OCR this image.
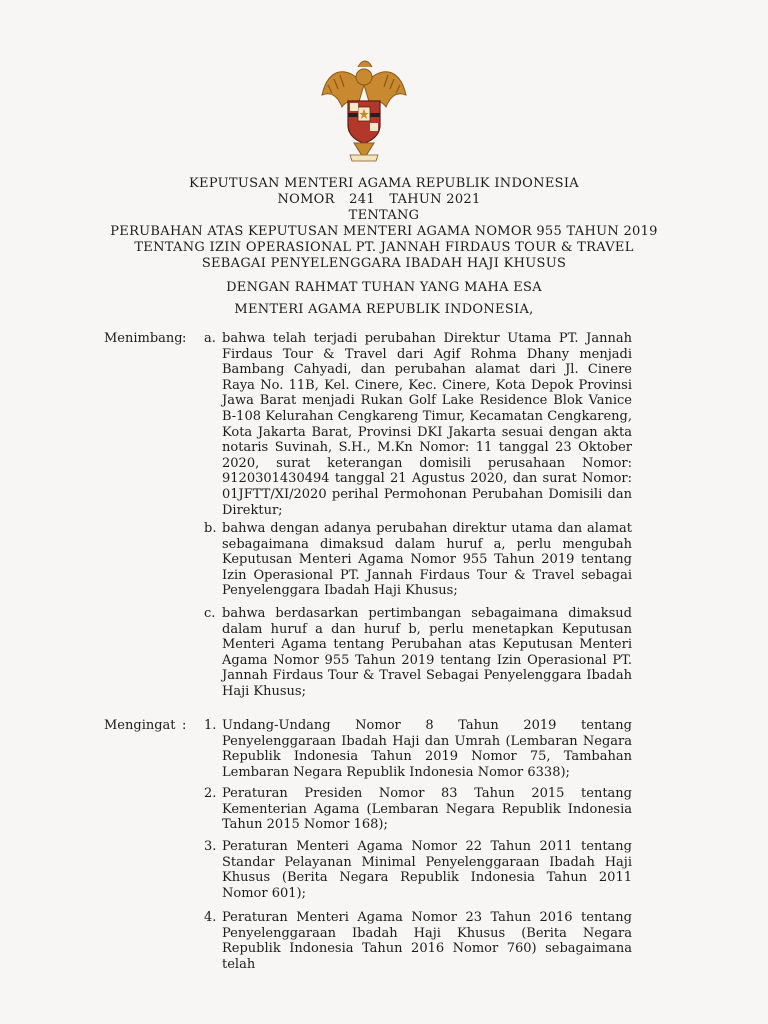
KEPUTUSAN MENTERI AGAMA REPUBLIK INDONESIA
NOMOR 241 TAHUN 2021
TENTANG
PERUBAHAN ATAS KEPUTUSAN MENTERI AGAMA NOMOR 955 TAHUN 2019
TENTANG IZIN OPERASIONAL PT. JANNAH FIRDAUS TOUR & TRAVEL
SEBAGAI PENYELENGGARA IBADAH HAJI KHUSUS
DENGAN RAHMAT TUHAN YANG MAHA ESA
MENTERI AGAMA REPUBLIK INDONESIA,
Menimbang : a. bahwa telah terjadi perubahan Direktur Utama PT. Jannah Firdaus Tour & Travel dari Agif Rohma Dhany menjadi Bambang Cahyadi, dan perubahan alamat dari Jl. Cinere Raya No. 11B, Kel. Cinere, Kec. Cinere, Kota Depok Provinsi Jawa Barat menjadi Rukan Golf Lake Residence Blok Vanice B-108 Kelurahan Cengkareng Timur, Kecamatan Cengkareng, Kota Jakarta Barat, Provinsi DKI Jakarta sesuai dengan akta notaris Suvinah, S.H., M.Kn Nomor: 11 tanggal 23 Oktober 2020, surat keterangan domisili perusahaan Nomor: 9120301430494 tanggal 21 Agustus 2020, dan surat Nomor: 01JFTT/XI/2020 perihal Permohonan Perubahan Domisili dan Direktur;
b. bahwa dengan adanya perubahan direktur utama dan alamat sebagaimana dimaksud dalam huruf a, perlu mengubah Keputusan Menteri Agama Nomor 955 Tahun 2019 tentang Izin Operasional PT. Jannah Firdaus Tour & Travel sebagai Penyelenggara Ibadah Haji Khusus;
c. bahwa berdasarkan pertimbangan sebagaimana dimaksud dalam huruf a dan huruf b, perlu menetapkan Keputusan Menteri Agama tentang Perubahan atas Keputusan Menteri Agama Nomor 955 Tahun 2019 tentang Izin Operasional PT. Jannah Firdaus Tour & Travel Sebagai Penyelenggara Ibadah Haji Khusus;
Mengingat : 1. Undang-Undang Nomor 8 Tahun 2019 tentang Penyelenggaraan Ibadah Haji dan Umrah (Lembaran Negara Republik Indonesia Tahun 2019 Nomor 75, Tambahan Lembaran Negara Republik Indonesia Nomor 6338);
2. Peraturan Presiden Nomor 83 Tahun 2015 tentang Kementerian Agama (Lembaran Negara Republik Indonesia Tahun 2015 Nomor 168);
3. Peraturan Menteri Agama Nomor 22 Tahun 2011 tentang Standar Pelayanan Minimal Penyelenggaraan Ibadah Haji Khusus (Berita Negara Republik Indonesia Tahun 2011 Nomor 601);
4. Peraturan Menteri Agama Nomor 23 Tahun 2016 tentang Penyelenggaraan Ibadah Haji Khusus (Berita Negara Republik Indonesia Tahun 2016 Nomor 760) sebagaimana telah
